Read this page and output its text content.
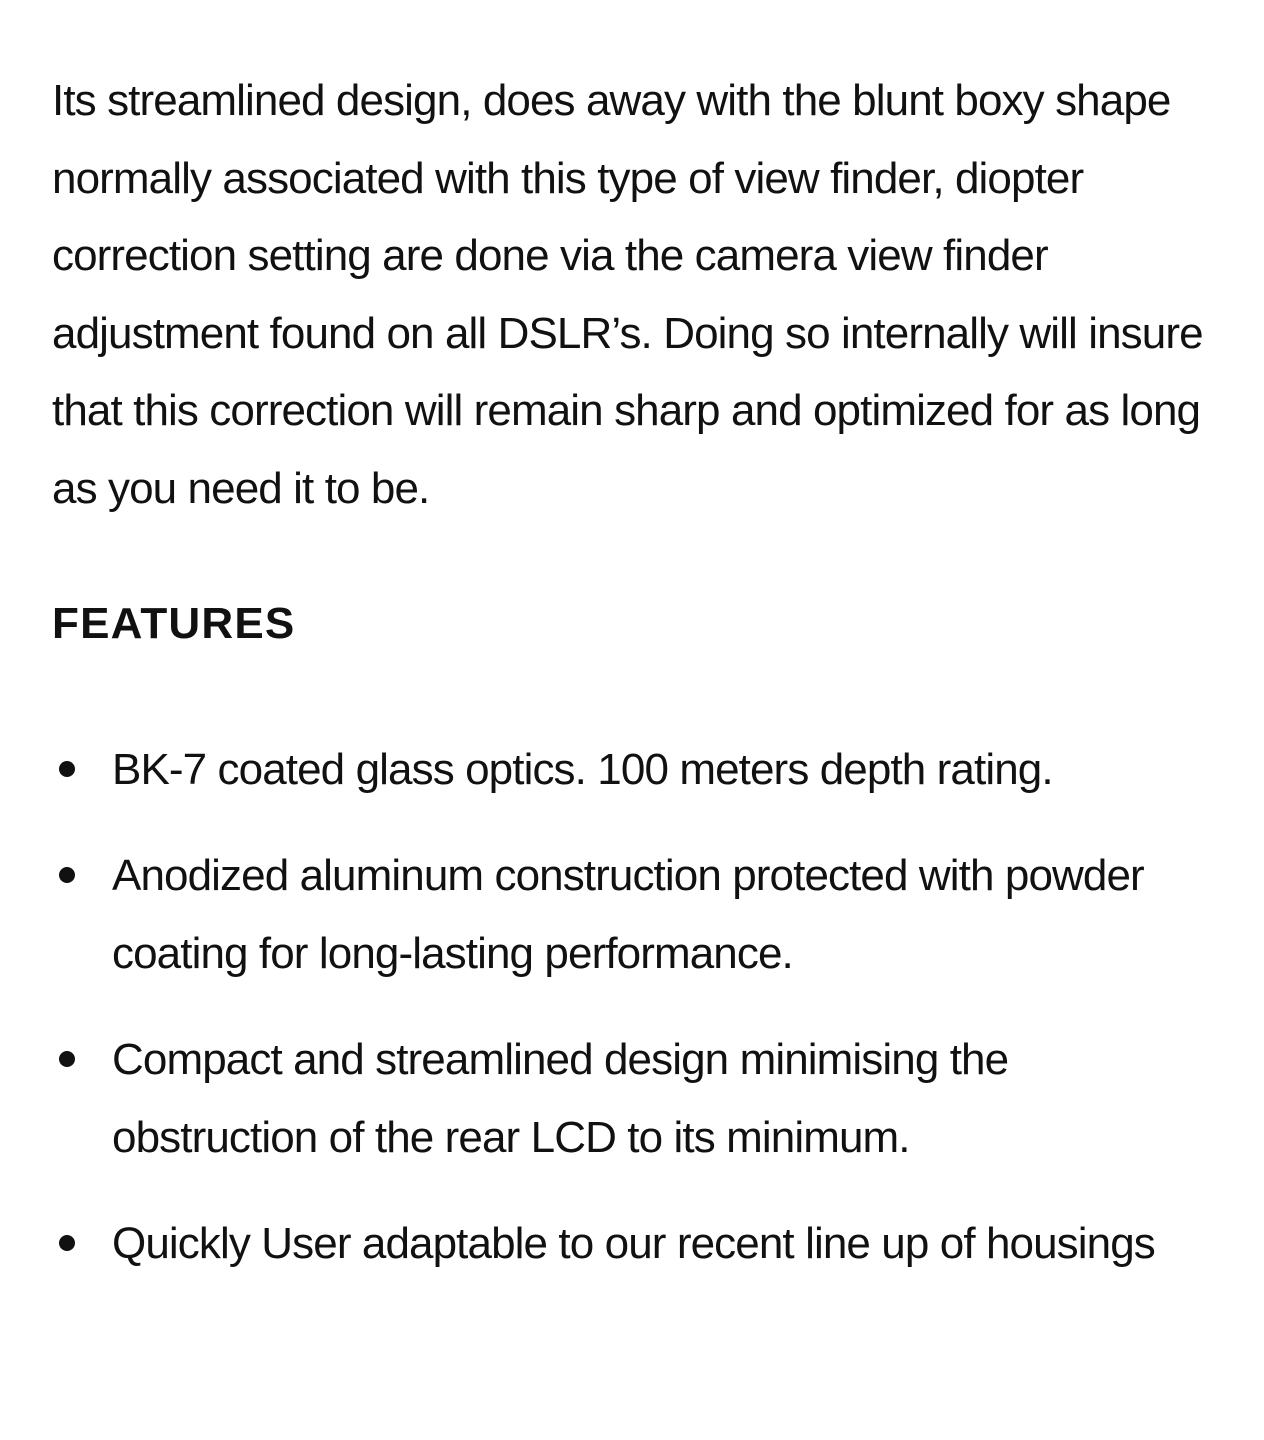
Its streamlined design, does away with the blunt boxy shape normally associated with this type of view finder, diopter correction setting are done via the camera view finder adjustment found on all DSLR’s. Doing so internally will insure that this correction will remain sharp and optimized for as long as you need it to be.

FEATURES
BK-7 coated glass optics. 100 meters depth rating.
Anodized aluminum construction protected with powder coating for long-lasting performance.
Compact and streamlined design minimising the obstruction of the rear LCD to its minimum.
Quickly User adaptable to our recent line up of housings
